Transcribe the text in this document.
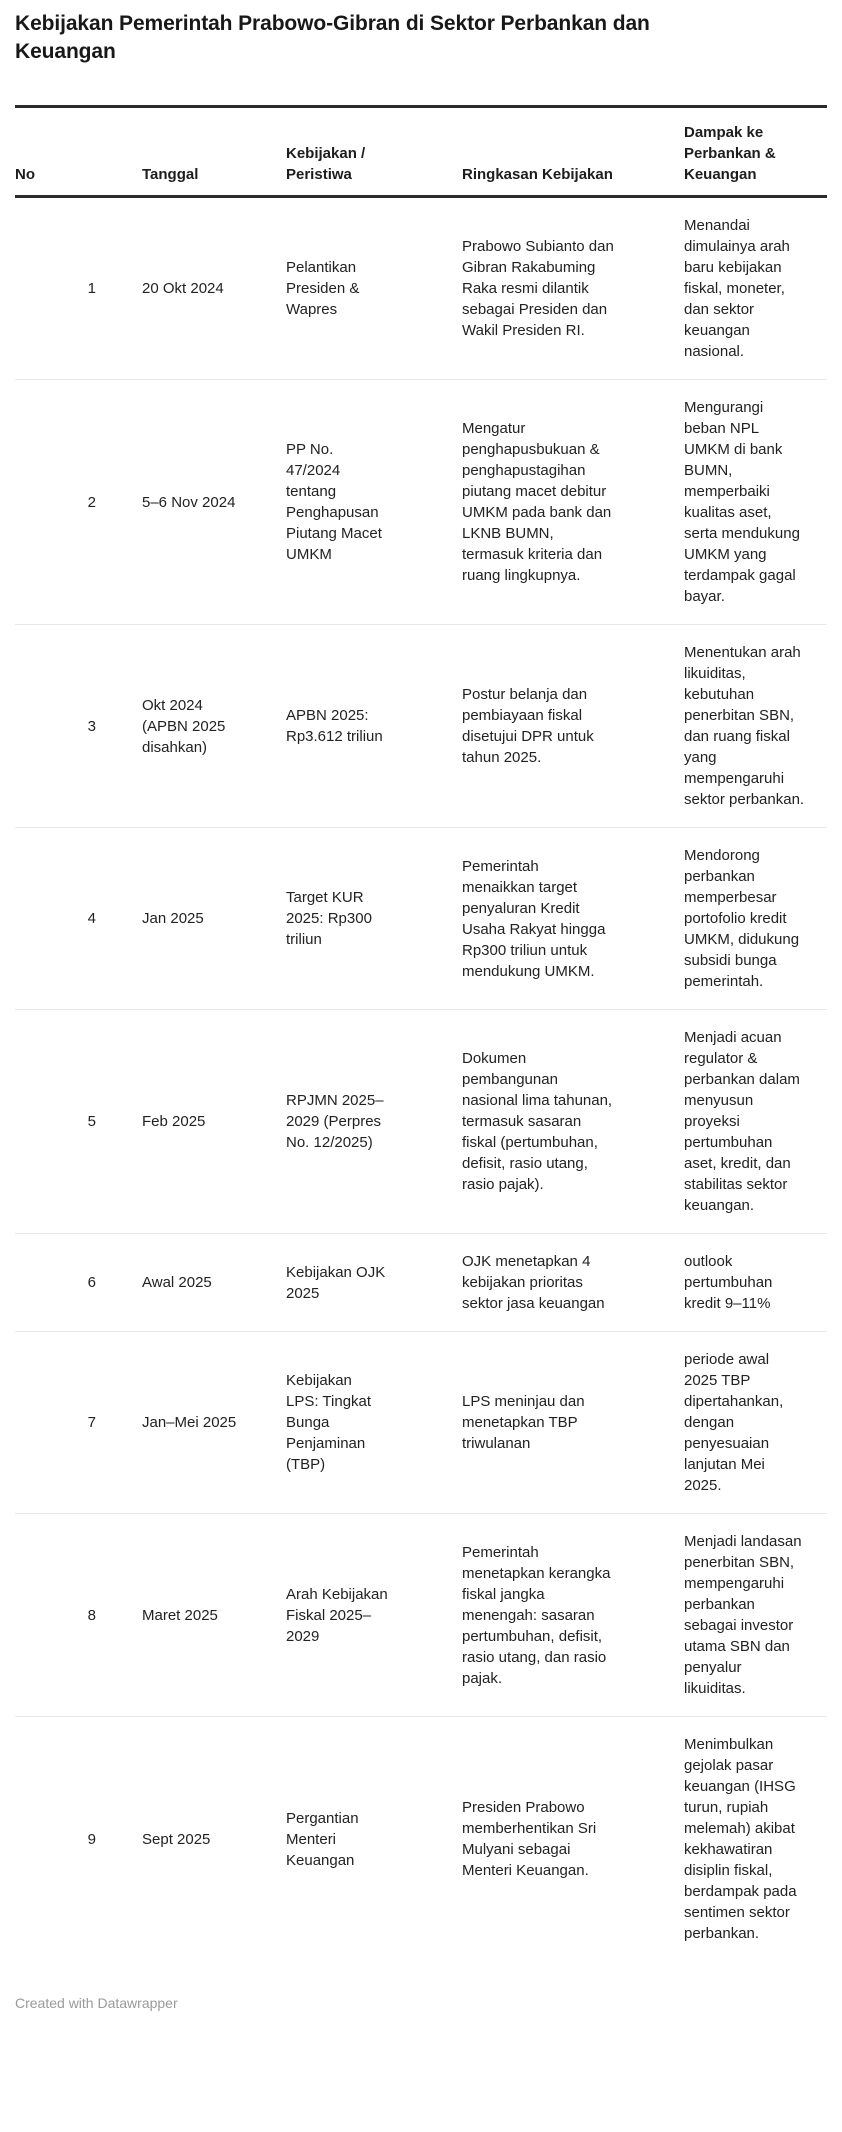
Kebijakan Pemerintah Prabowo-Gibran di Sektor Perbankan dan Keuangan
No	Tanggal	Kebijakan / Peristiwa	Ringkasan Kebijakan	Dampak ke Perbankan & Keuangan
1	20 Okt 2024	Pelantikan Presiden & Wapres	Prabowo Subianto dan Gibran Rakabuming Raka resmi dilantik sebagai Presiden dan Wakil Presiden RI.	Menandai dimulainya arah baru kebijakan fiskal, moneter, dan sektor keuangan nasional.
2	5–6 Nov 2024	PP No. 47/2024 tentang Penghapusan Piutang Macet UMKM	Mengatur penghapusbukuan & penghapustagihan piutang macet debitur UMKM pada bank dan LKNB BUMN, termasuk kriteria dan ruang lingkupnya.	Mengurangi beban NPL UMKM di bank BUMN, memperbaiki kualitas aset, serta mendukung UMKM yang terdampak gagal bayar.
3	Okt 2024 (APBN 2025 disahkan)	APBN 2025: Rp3.612 triliun	Postur belanja dan pembiayaan fiskal disetujui DPR untuk tahun 2025.	Menentukan arah likuiditas, kebutuhan penerbitan SBN, dan ruang fiskal yang mempengaruhi sektor perbankan.
4	Jan 2025	Target KUR 2025: Rp300 triliun	Pemerintah menaikkan target penyaluran Kredit Usaha Rakyat hingga Rp300 triliun untuk mendukung UMKM.	Mendorong perbankan memperbesar portofolio kredit UMKM, didukung subsidi bunga pemerintah.
5	Feb 2025	RPJMN 2025–2029 (Perpres No. 12/2025)	Dokumen pembangunan nasional lima tahunan, termasuk sasaran fiskal (pertumbuhan, defisit, rasio utang, rasio pajak).	Menjadi acuan regulator & perbankan dalam menyusun proyeksi pertumbuhan aset, kredit, dan stabilitas sektor keuangan.
6	Awal 2025	Kebijakan OJK 2025	OJK menetapkan 4 kebijakan prioritas sektor jasa keuangan	outlook pertumbuhan kredit 9–11%
7	Jan–Mei 2025	Kebijakan LPS: Tingkat Bunga Penjaminan (TBP)	LPS meninjau dan menetapkan TBP triwulanan	periode awal 2025 TBP dipertahankan, dengan penyesuaian lanjutan Mei 2025.
8	Maret 2025	Arah Kebijakan Fiskal 2025–2029	Pemerintah menetapkan kerangka fiskal jangka menengah: sasaran pertumbuhan, defisit, rasio utang, dan rasio pajak.	Menjadi landasan penerbitan SBN, mempengaruhi perbankan sebagai investor utama SBN dan penyalur likuiditas.
9	Sept 2025	Pergantian Menteri Keuangan	Presiden Prabowo memberhentikan Sri Mulyani sebagai Menteri Keuangan.	Menimbulkan gejolak pasar keuangan (IHSG turun, rupiah melemah) akibat kekhawatiran disiplin fiskal, berdampak pada sentimen sektor perbankan.
Created with Datawrapper
